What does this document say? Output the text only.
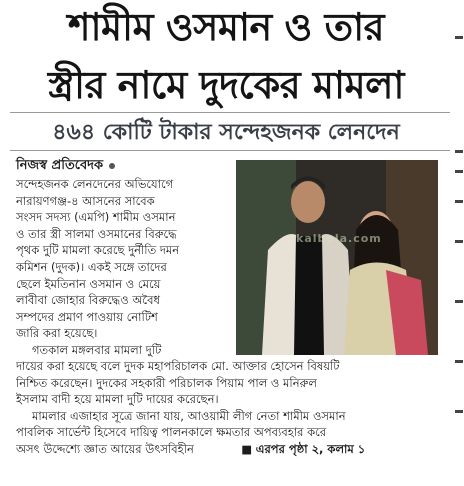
শামীম ওসমান ও তার
স্ত্রীর নামে দুদকের মামলা
৪৬৪ কোটি টাকার সন্দেহজনক লেনদেন
নিজস্ব প্রতিবেদক
সন্দেহজনক লেনদেনের অভিযোগে
নারায়ণগঞ্জ-৪ আসনের সাবেক
সংসদ সদস্য (এমপি) শামীম ওসমান
ও তার স্ত্রী সালমা ওসমানের বিরুদ্ধে
পৃথক দুটি মামলা করেছে দুর্নীতি দমন
কমিশন (দুদক)। একই সঙ্গে তাদের
ছেলে ইমতিনান ওসমান ও মেয়ে
লাবীবা জোহার বিরুদ্ধেও অবৈধ
সম্পদের প্রমাণ পাওয়ায় নোটিশ
জারি করা হয়েছে।
গতকাল মঙ্গলবার মামলা দুটি
kalbela.com
দায়ের করা হয়েছে বলে দুদক মহাপরিচালক মো. আক্তার হোসেন বিষয়টি
নিশ্চিত করেছেন। দুদকের সহকারী পরিচালক পিয়াম পাল ও মনিরুল
ইসলাম বাদী হয়ে মামলা দুটি দায়ের করেছেন।
মামলার এজাহার সূত্রে জানা যায়, আওয়ামী লীগ নেতা শামীম ওসমান
পাবলিক সার্ভেন্ট হিসেবে দায়িত্ব পালনকালে ক্ষমতার অপব্যবহার করে
অসৎ উদ্দেশ্যে জ্ঞাত আয়ের উৎসবিহীন	■ এরপর পৃষ্ঠা ২, কলাম ১
